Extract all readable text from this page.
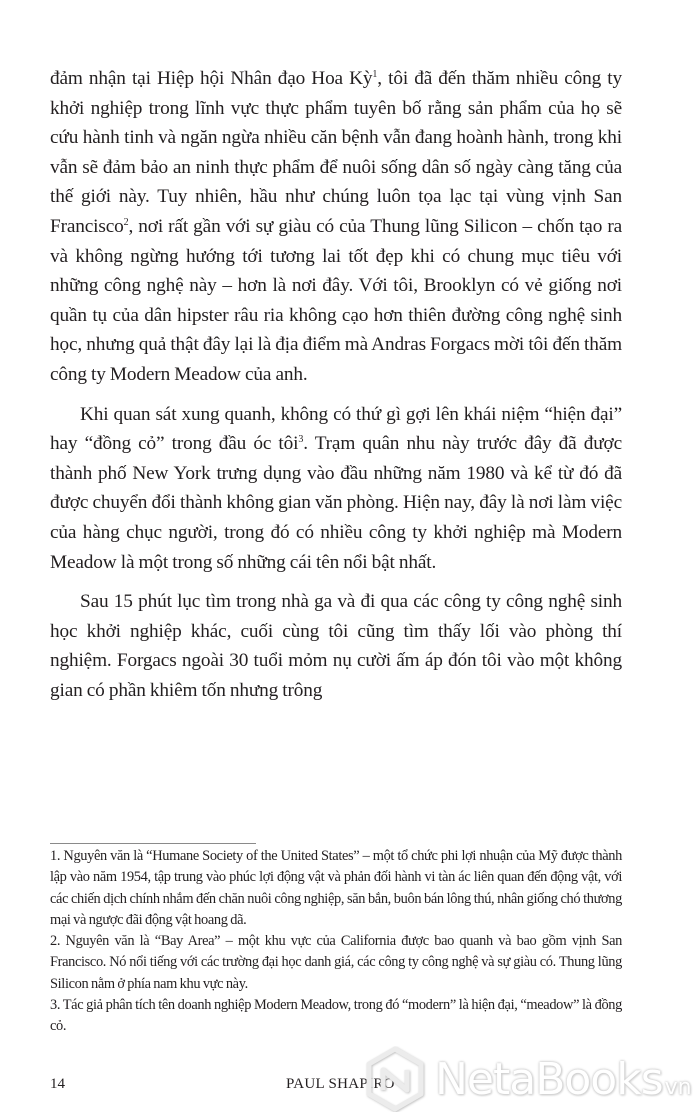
đảm nhận tại Hiệp hội Nhân đạo Hoa Kỳ$^1$, tôi đã đến thăm nhiều công ty khởi nghiệp trong lĩnh vực thực phẩm tuyên bố rằng sản phẩm của họ sẽ cứu hành tinh và ngăn ngừa nhiều căn bệnh vẫn đang hoành hành, trong khi vẫn sẽ đảm bảo an ninh thực phẩm để nuôi sống dân số ngày càng tăng của thế giới này. Tuy nhiên, hầu như chúng luôn tọa lạc tại vùng vịnh San Francisco$^2$, nơi rất gần với sự giàu có của Thung lũng Silicon – chốn tạo ra và không ngừng hướng tới tương lai tốt đẹp khi có chung mục tiêu với những công nghệ này – hơn là nơi đây. Với tôi, Brooklyn có vẻ giống nơi quần tụ của dân hipster râu ria không cạo hơn thiên đường công nghệ sinh học, nhưng quả thật đây lại là địa điểm mà Andras Forgacs mời tôi đến thăm công ty Modern Meadow của anh.

Khi quan sát xung quanh, không có thứ gì gợi lên khái niệm “hiện đại” hay “đồng cỏ” trong đầu óc tôi$^3$. Trạm quân nhu này trước đây đã được thành phố New York trưng dụng vào đầu những năm 1980 và kể từ đó đã được chuyển đổi thành không gian văn phòng. Hiện nay, đây là nơi làm việc của hàng chục người, trong đó có nhiều công ty khởi nghiệp mà Modern Meadow là một trong số những cái tên nổi bật nhất.

Sau 15 phút lục tìm trong nhà ga và đi qua các công ty công nghệ sinh học khởi nghiệp khác, cuối cùng tôi cũng tìm thấy lối vào phòng thí nghiệm. Forgacs ngoài 30 tuổi mỏm nụ cười ấm áp đón tôi vào một không gian có phần khiêm tốn nhưng trông

1. Nguyên văn là “Humane Society of the United States” – một tổ chức phi lợi nhuận của Mỹ được thành lập vào năm 1954, tập trung vào phúc lợi động vật và phản đối hành vi tàn ác liên quan đến động vật, với các chiến dịch chính nhắm đến chăn nuôi công nghiệp, săn bắn, buôn bán lông thú, nhân giống chó thương mại và ngược đãi động vật hoang dã.

2. Nguyên văn là “Bay Area” – một khu vực của California được bao quanh và bao gồm vịnh San Francisco. Nó nổi tiếng với các trường đại học danh giá, các công ty công nghệ và sự giàu có. Thung lũng Silicon nằm ở phía nam khu vực này.

3. Tác giả phân tích tên doanh nghiệp Modern Meadow, trong đó “modern” là hiện đại, “meadow” là đồng cỏ.

14	PAUL SHAPIRO NetaBooksvn
